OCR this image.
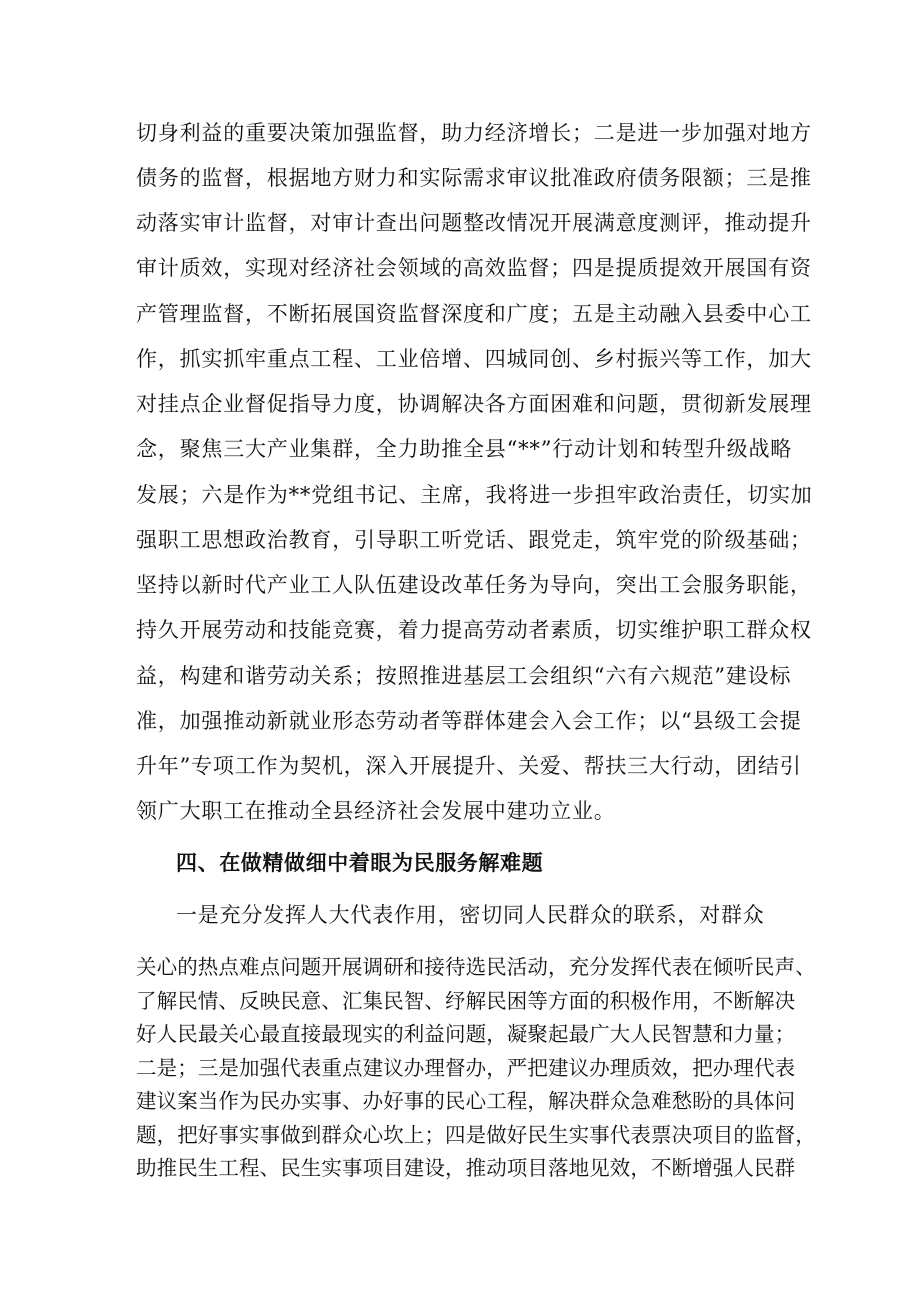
切身利益的重要决策加强监督，助力经济增长；二是进一步加强对地方
债务的监督，根据地方财力和实际需求审议批准政府债务限额；三是推
动落实审计监督，对审计查出问题整改情况开展满意度测评，推动提升
审计质效，实现对经济社会领域的高效监督；四是提质提效开展国有资
产管理监督，不断拓展国资监督深度和广度；五是主动融入县委中心工
作，抓实抓牢重点工程、工业倍增、四城同创、乡村振兴等工作，加大
对挂点企业督促指导力度，协调解决各方面困难和问题，贯彻新发展理
念，聚焦三大产业集群，全力助推全县“**”行动计划和转型升级战略
发展；六是作为**党组书记、主席，我将进一步担牢政治责任，切实加
强职工思想政治教育，引导职工听党话、跟党走，筑牢党的阶级基础；
坚持以新时代产业工人队伍建设改革任务为导向，突出工会服务职能，
持久开展劳动和技能竞赛，着力提高劳动者素质，切实维护职工群众权
益，构建和谐劳动关系；按照推进基层工会组织“六有六规范”建设标
准，加强推动新就业形态劳动者等群体建会入会工作；以“县级工会提
升年”专项工作为契机，深入开展提升、关爱、帮扶三大行动，团结引
领广大职工在推动全县经济社会发展中建功立业。
四、在做精做细中着眼为民服务解难题
一是充分发挥人大代表作用，密切同人民群众的联系，对群众
关心的热点难点问题开展调研和接待选民活动，充分发挥代表在倾听民声、
了解民情、反映民意、汇集民智、纾解民困等方面的积极作用，不断解决
好人民最关心最直接最现实的利益问题，凝聚起最广大人民智慧和力量；
二是；三是加强代表重点建议办理督办，严把建议办理质效，把办理代表
建议案当作为民办实事、办好事的民心工程，解决群众急难愁盼的具体问
题，把好事实事做到群众心坎上；四是做好民生实事代表票决项目的监督，
助推民生工程、民生实事项目建设，推动项目落地见效，不断增强人民群
